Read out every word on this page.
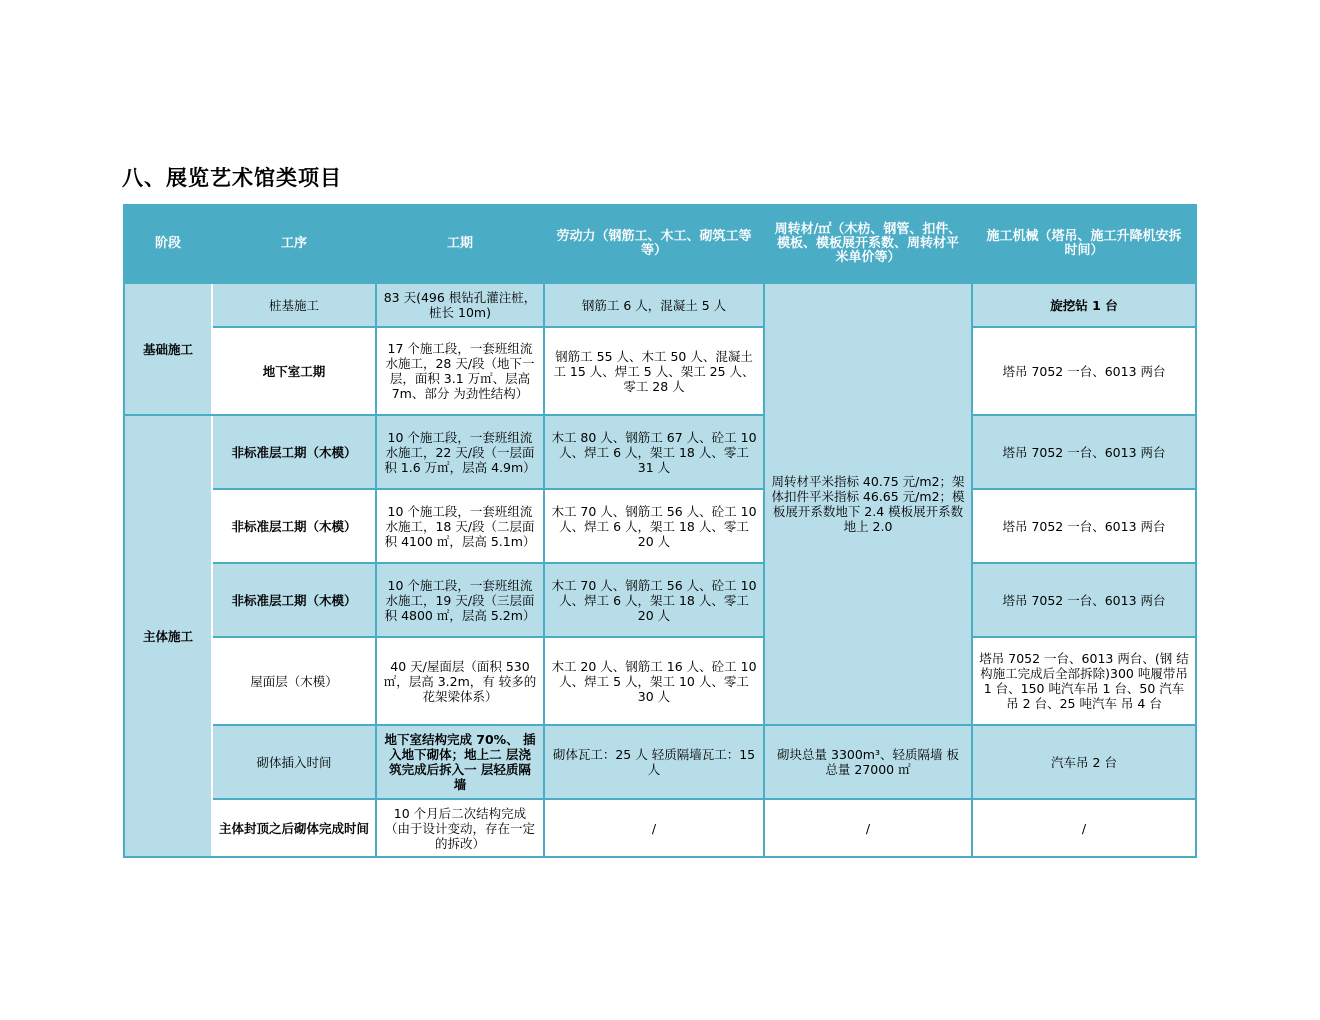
八、展览艺术馆类项目
阶段	工序	工期	劳动力（钢筋工、木工、砌筑工等等）	周转材/㎡（木枋、钢管、扣件、模板、模板展开系数、周转材平米单价等）	施工机械（塔吊、施工升降机安拆时间）
基础施工	桩基施工	83 天(496 根钻孔灌注桩，桩长 10m)	钢筋工 6 人，混凝土 5 人	周转材平米指标 40.75 元/m2；架体扣件平米指标 46.65 元/m2；模板展开系数地下 2.4 模板展开系数地上 2.0	旋挖钻 1 台
	地下室工期	17 个施工段，一套班组流水施工，28 天/段（地下一层，面积 3.1 万㎡、层高 7m、部分 为劲性结构）	钢筋工 55 人、木工 50 人、混凝土工 15 人、焊工 5 人、架工 25 人、零工 28 人		塔吊 7052 一台、6013 两台
主体施工	非标准层工期（木模）	10 个施工段，一套班组流水施工，22 天/段（一层面积 1.6 万㎡，层高 4.9m）	木工 80 人、钢筋工 67 人、砼工 10 人、焊工 6 人，架工 18 人、零工 31 人		塔吊 7052 一台、6013 两台
	非标准层工期（木模）	10 个施工段，一套班组流水施工，18 天/段（二层面积 4100 ㎡，层高 5.1m）	木工 70 人、钢筋工 56 人、砼工 10 人、焊工 6 人，架工 18 人、零工 20 人		塔吊 7052 一台、6013 两台
	非标准层工期（木模）	10 个施工段，一套班组流水施工，19 天/段（三层面积 4800 ㎡，层高 5.2m）	木工 70 人、钢筋工 56 人、砼工 10 人、焊工 6 人，架工 18 人、零工 20 人		塔吊 7052 一台、6013 两台
	屋面层（木模）	40 天/屋面层（面积 530 ㎡，层高 3.2m，有 较多的花架梁体系）	木工 20 人、钢筋工 16 人、砼工 10 人、焊工 5 人，架工 10 人、零工 30 人		塔吊 7052 一台、6013 两台、(钢 结构施工完成后全部拆除)300 吨履带吊 1 台、150 吨汽车吊 1 台、50 汽车吊 2 台、25 吨汽车 吊 4 台
	砌体插入时间	地下室结构完成 70%、 插入地下砌体；地上二 层浇筑完成后拆入一 层轻质隔墙	砌体瓦工：25 人 轻质隔墙瓦工：15 人	砌块总量 3300m³、轻质隔墙 板总量 27000 ㎡	汽车吊 2 台
	主体封顶之后砌体完成时间	10 个月后二次结构完成（由于设计变动，存在一定的拆改）	/	/	/
